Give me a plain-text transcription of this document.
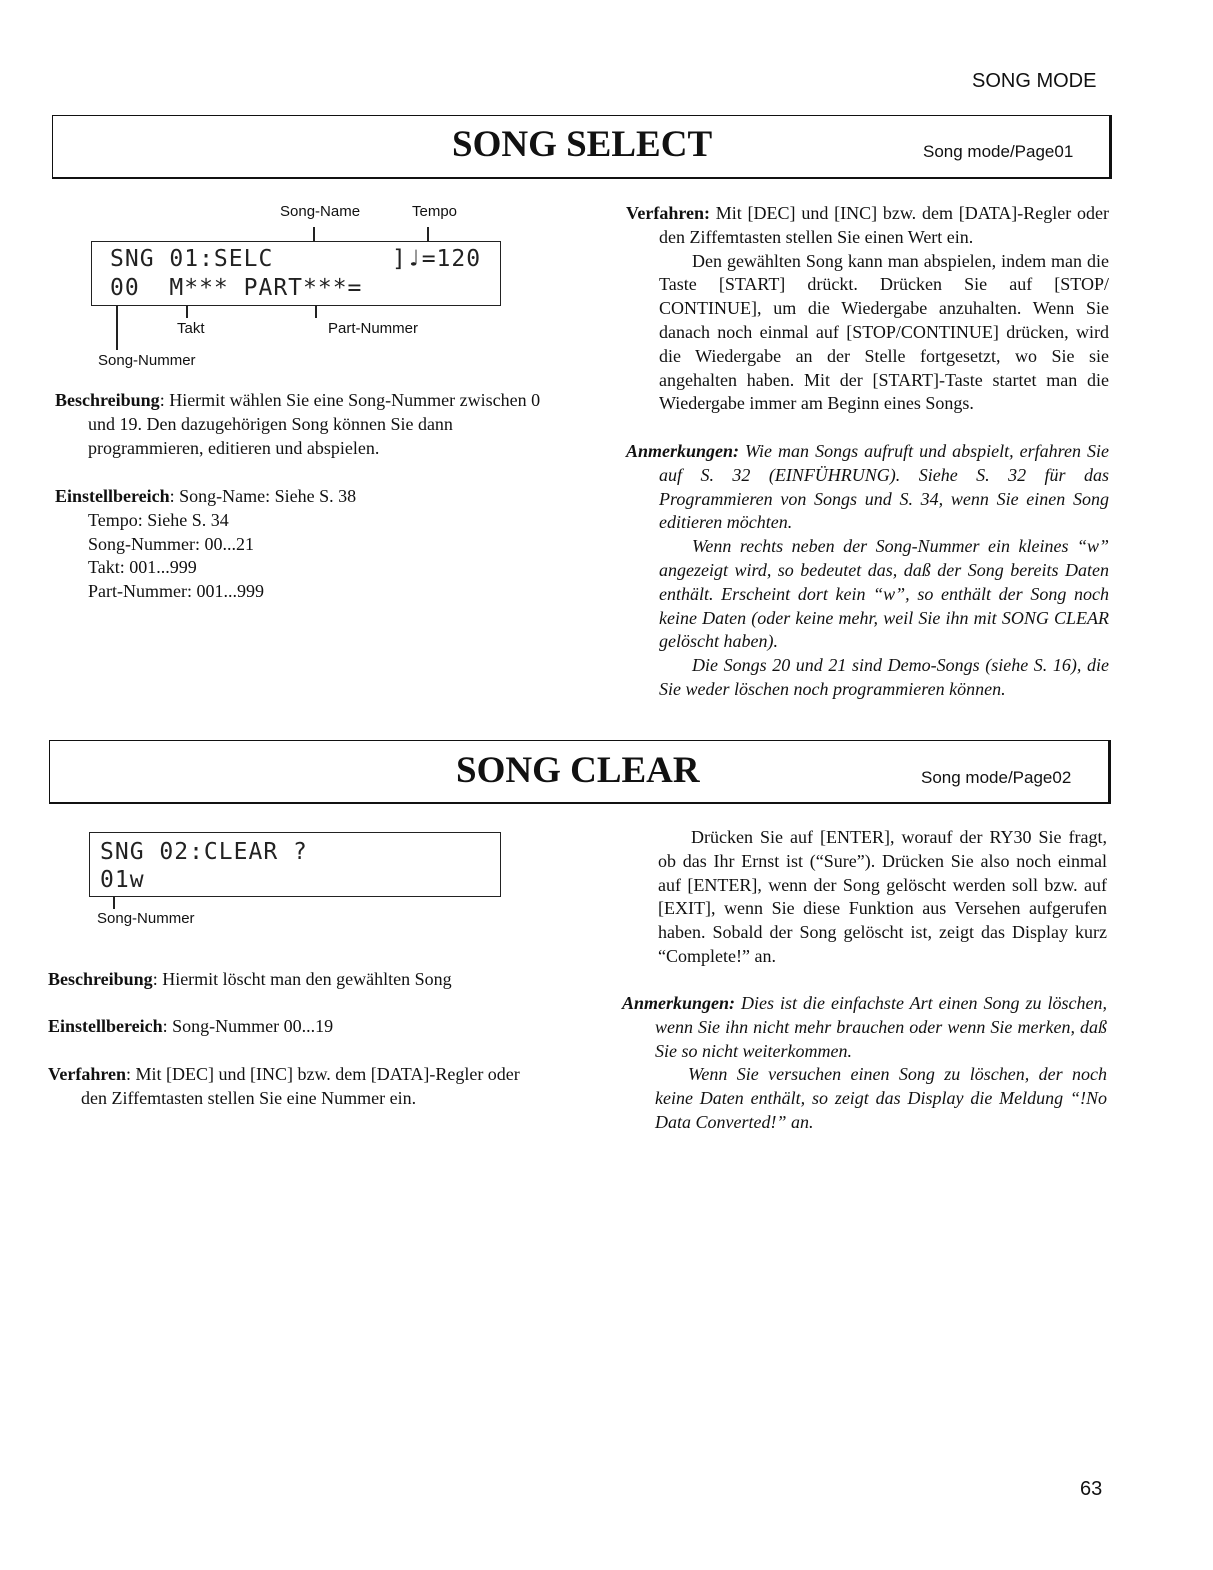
SONG MODE
SONG SELECT	Song mode/Page01
Song-Name	Tempo
SNG 01:SELC	]♩=120
00  M*** PART***=
Takt	Part-Nummer
Song-Nummer

Beschreibung: Hiermit wählen Sie eine Song-Nummer zwischen 0 und 19. Den dazugehörigen Song können Sie dann programmieren, editieren und abspielen.

Einstellbereich: Song-Name: Siehe S. 38

Tempo: Siehe S. 34

Song-Nummer: 00...21

Takt: 001...999

Part-Nummer: 001...999

Verfahren: Mit [DEC] und [INC] bzw. dem [DATA]-Regler oder den Ziffemtasten stellen Sie einen Wert ein.

Den gewählten Song kann man abspielen, indem man die Taste [START] drückt. Drücken Sie auf [STOP/ CONTINUE], um die Wiedergabe anzuhalten. Wenn Sie danach noch einmal auf [STOP/CONTINUE] drücken, wird die Wiedergabe an der Stelle fortgesetzt, wo Sie sie angehalten haben. Mit der [START]-Taste startet man die Wiedergabe immer am Beginn eines Songs.

Anmerkungen: Wie man Songs aufruft und abspielt, erfahren Sie auf S. 32 (EINFÜHRUNG). Siehe S. 32 für das Programmieren von Songs und S. 34, wenn Sie einen Song editieren möchten.

Wenn rechts neben der Song-Nummer ein kleines “w” angezeigt wird, so bedeutet das, daß der Song bereits Daten enthält. Erscheint dort kein “w”, so enthält der Song noch keine Daten (oder keine mehr, weil Sie ihn mit SONG CLEAR gelöscht haben).

Die Songs 20 und 21 sind Demo-Songs (siehe S. 16), die Sie weder löschen noch programmieren können.

SONG CLEAR	Song mode/Page02
SNG 02:CLEAR ?
01w
Song-Nummer

Beschreibung: Hiermit löscht man den gewählten Song

Einstellbereich: Song-Nummer 00...19

Verfahren: Mit [DEC] und [INC] bzw. dem [DATA]-Regler oder den Ziffemtasten stellen Sie eine Nummer ein.

Drücken Sie auf [ENTER], worauf der RY30 Sie fragt, ob das Ihr Ernst ist (“Sure”). Drücken Sie also noch einmal auf [ENTER], wenn der Song gelöscht werden soll bzw. auf [EXIT], wenn Sie diese Funktion aus Versehen aufgerufen haben. Sobald der Song gelöscht ist, zeigt das Display kurz “Complete!” an.

Anmerkungen: Dies ist die einfachste Art einen Song zu löschen, wenn Sie ihn nicht mehr brauchen oder wenn Sie merken, daß Sie so nicht weiterkommen.

Wenn Sie versuchen einen Song zu löschen, der noch keine Daten enthält, so zeigt das Display die Meldung “!No Data Converted!” an.

63
